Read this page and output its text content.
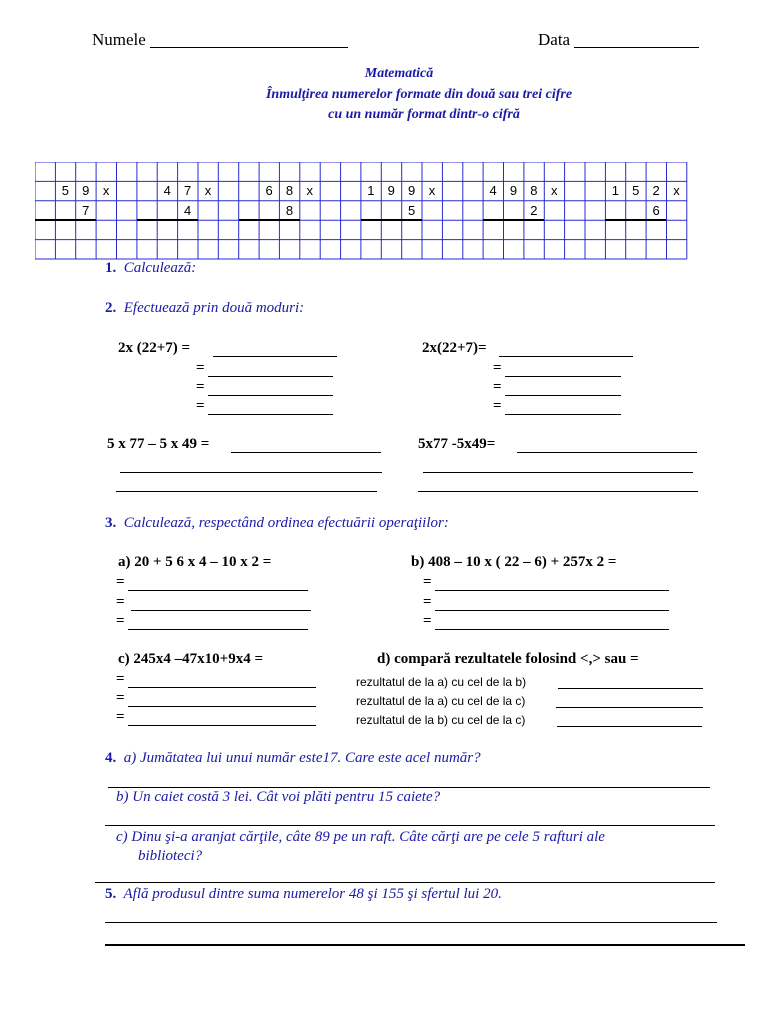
Numele	Data
Matematică
Înmulţirea numerelor formate din două sau trei cifre
cu un număr format dintr-o cifră
5	9	x
7
4	7	x
4
6	8	x
8
1	9	9	x
5
4	9	8	x
2
1	5	2	x
6
1. Calculează:
2. Efectuează prin două moduri:
2x (22+7) =
=
=
=
2x(22+7)=
=
=
=
5 x 77 – 5 x 49 =	5x77 -5x49=
3. Calculează, respectând ordinea efectuării operaţiilor:
a) 20 + 5 6 x 4 – 10 x 2 =
=
=
=
b) 408 – 10 x ( 22 – 6) + 257x 2 =
=
=
=
c) 245x4 –47x10+9x4 =
=
=
=
d) compară rezultatele folosind <,> sau =
rezultatul de la a) cu cel de la b)
rezultatul de la a) cu cel de la c)
rezultatul de la b) cu cel de la c)
4. a) Jumătatea lui unui număr este17. Care este acel număr?
b) Un caiet costă 3 lei. Cât voi plăti pentru 15 caiete?
c) Dinu şi-a aranjat cărţile, câte 89 pe un raft. Câte cărţi are pe cele 5 rafturi ale
biblioteci?
5. Află produsul dintre suma numerelor 48 şi 155 şi sfertul lui 20.
